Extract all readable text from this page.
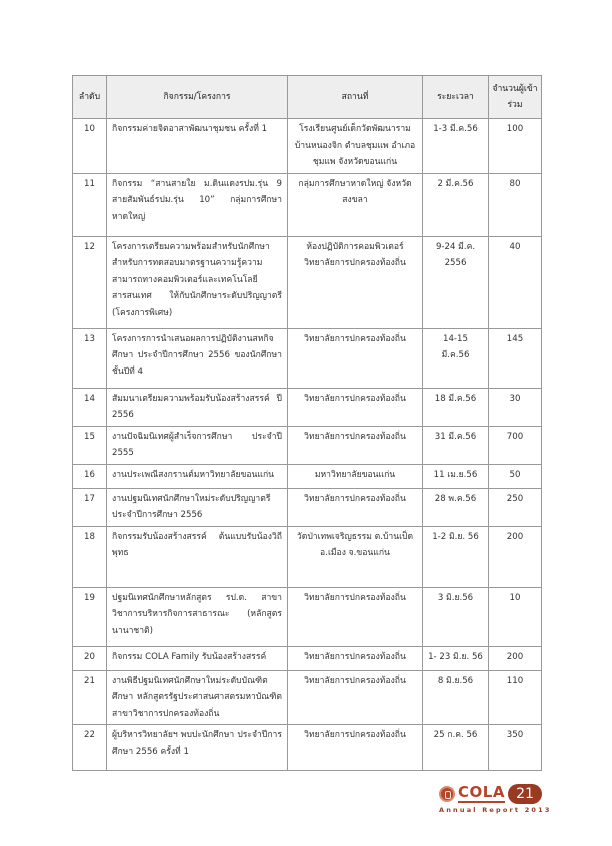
ลำดับ	กิจกรรม/โครงการ	สถานที่	ระยะเวลา	จำนวนผู้เข้าร่วม
10	กิจกรรมค่ายจิตอาสาพัฒนาชุมชน ครั้งที่ 1	โรงเรียนศูนย์เด็กวัดพัฒนาราม บ้านหนองจิก ตำบลชุมแพ อำเภอชุมแพ จังหวัดขอนแก่น	1-3 มี.ค.56	100
11	กิจกรรม “สานสายใย ม.ดินแดงรปม.รุ่น 9 สายสัมพันธ์รปม.รุ่น 10” กลุ่มการศึกษาหาดใหญ่	กลุ่มการศึกษาหาดใหญ่ จังหวัดสงขลา	2 มี.ค.56	80
12	โครงการเตรียมความพร้อมสำหรับนักศึกษาสำหรับการทดสอบมาตรฐานความรู้ความสามารถทางคอมพิวเตอร์และเทคโนโลยีสารสนเทศ ให้กับนักศึกษาระดับปริญญาตรี (โครงการพิเศษ)	ห้องปฏิบัติการคอมพิวเตอร์ วิทยาลัยการปกครองท้องถิ่น	9-24 มี.ค. 2556	40
13	โครงการการนำเสนอผลการปฏิบัติงานสหกิจศึกษา ประจำปีการศึกษา 2556 ของนักศึกษาชั้นปีที่ 4	วิทยาลัยการปกครองท้องถิ่น	14-15 มี.ค.56	145
14	สัมมนาเตรียมความพร้อมรับน้องสร้างสรรค์ ปี 2556	วิทยาลัยการปกครองท้องถิ่น	18 มี.ค.56	30
15	งานปัจฉิมนิเทศผู้สำเร็จการศึกษา ประจำปี 2555	วิทยาลัยการปกครองท้องถิ่น	31 มี.ค.56	700
16	งานประเพณีสงกรานต์มหาวิทยาลัยขอนแก่น	มหาวิทยาลัยขอนแก่น	11 เม.ย.56	50
17	งานปฐมนิเทศนักศึกษาใหม่ระดับปริญญาตรี ประจำปีการศึกษา 2556	วิทยาลัยการปกครองท้องถิ่น	28 พ.ค.56	250
18	กิจกรรมรับน้องสร้างสรรค์ ต้นแบบรับน้องวิถีพุทธ	วัดป่าเทพเจริญธรรม ต.บ้านเป็ด อ.เมือง จ.ขอนแก่น	1-2 มิ.ย. 56	200
19	ปฐมนิเทศนักศึกษาหลักสูตร รป.ด. สาขาวิชาการบริหารกิจการสาธารณะ (หลักสูตรนานาชาติ)	วิทยาลัยการปกครองท้องถิ่น	3 มิ.ย.56	10
20	กิจกรรม COLA Family รับน้องสร้างสรรค์	วิทยาลัยการปกครองท้องถิ่น	1- 23 มิ.ย. 56	200
21	งานพิธีปฐมนิเทศนักศึกษาใหม่ระดับบัณฑิตศึกษา หลักสูตรรัฐประศาสนศาสตรมหาบัณฑิต สาขาวิชาการปกครองท้องถิ่น	วิทยาลัยการปกครองท้องถิ่น	8 มิ.ย.56	110
22	ผู้บริหารวิทยาลัยฯ พบปะนักศึกษา ประจำปีการศึกษา 2556 ครั้งที่ 1	วิทยาลัยการปกครองท้องถิ่น	25 ก.ค. 56	350
COLA 21
Annual Report 2013
